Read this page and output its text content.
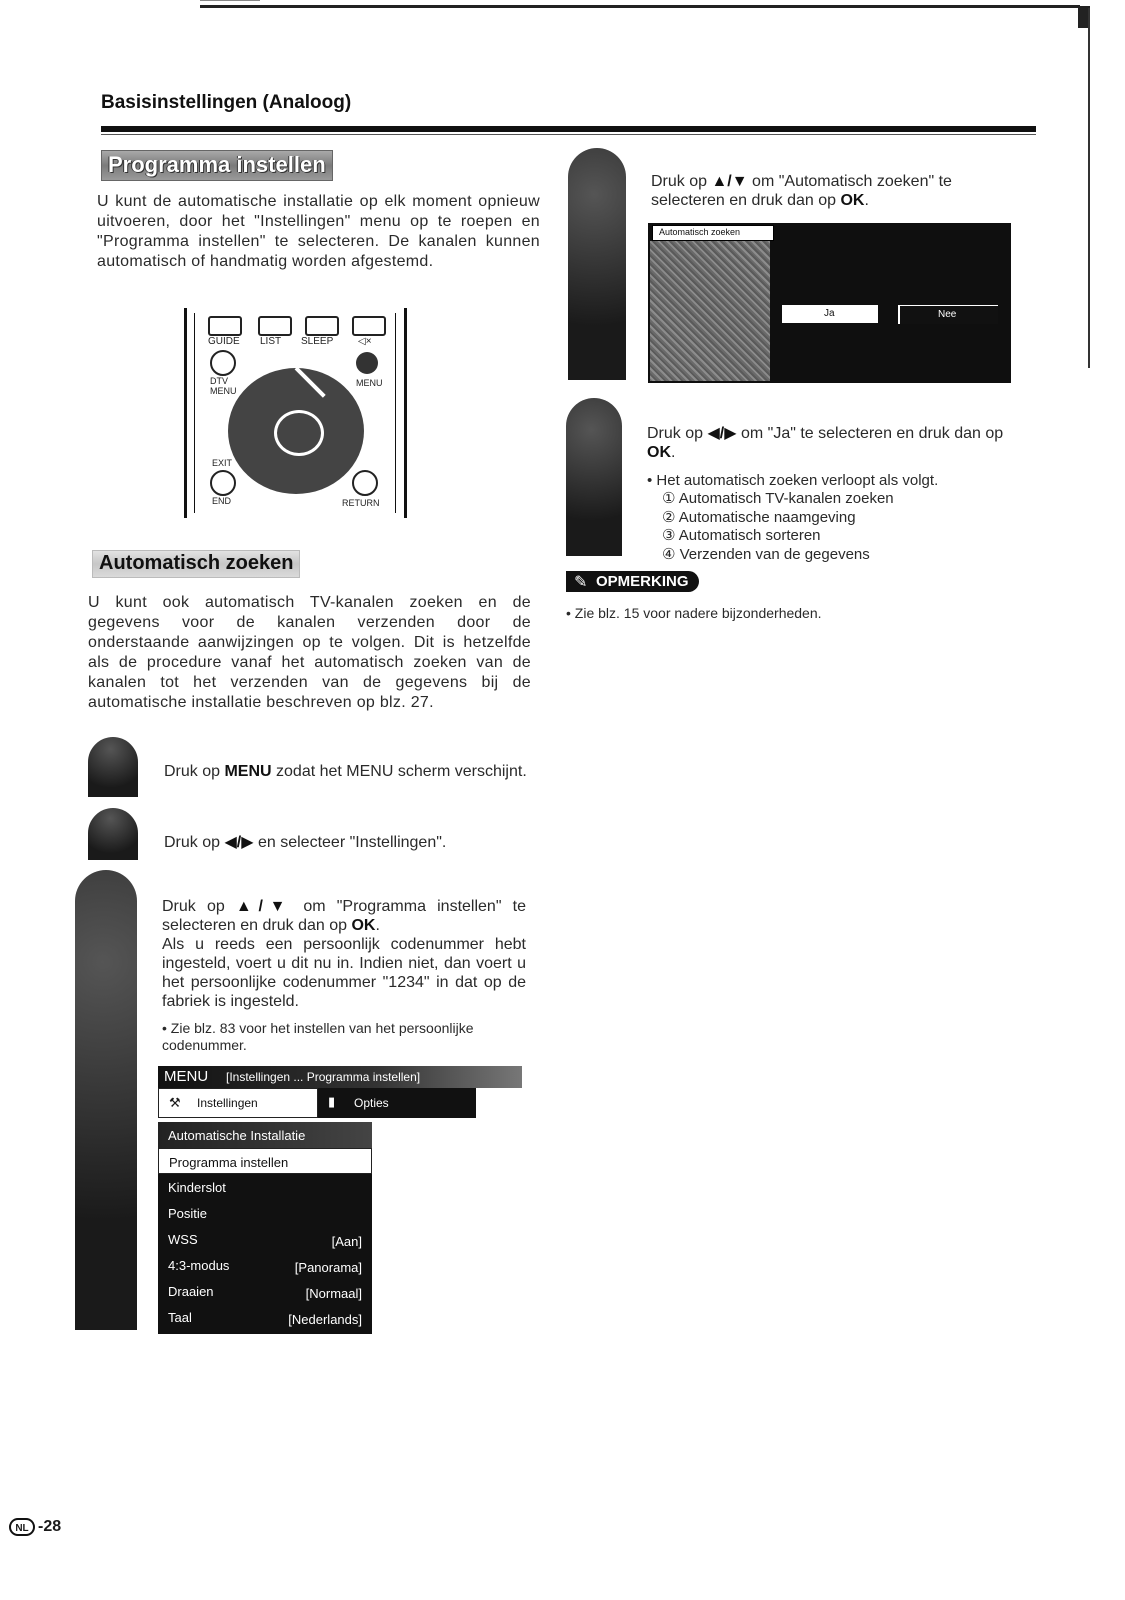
Basisinstellingen (Analoog)
Programma instellen
U kunt de automatische installatie op elk moment opnieuw uitvoeren, door het "Instellingen" menu op te roepen en "Programma instellen" te selecteren. De kanalen kunnen automatisch of handmatig worden afgestemd.
GUIDE LIST SLEEP ◁×
DTV
MENU
MENU
EXIT
END	RETURN
Automatisch zoeken
U kunt ook automatisch TV-kanalen zoeken en de gegevens voor de kanalen verzenden door de onderstaande aanwijzingen op te volgen. Dit is hetzelfde als de procedure vanaf het automatisch zoeken van de kanalen tot het verzenden van de gegevens bij de automatische installatie beschreven op blz. 27.
Druk op MENU zodat het MENU scherm verschijnt.
Druk op ◀/▶ en selecteer "Instellingen".
Druk op ▲/▼ om "Programma instellen" te selecteren en druk dan op OK.
Als u reeds een persoonlijk codenummer hebt ingesteld, voert u dit nu in. Indien niet, dan voert u het persoonlijke codenummer "1234" in dat op de fabriek is ingesteld.
• Zie blz. 83 voor het instellen van het persoonlijke codenummer.
MENU [Instellingen ... Programma instellen]
⚒ Instellingen	▮ Opties
Automatische Installatie
Programma instellen
Kinderslot
Positie
WSS	[Aan]
4:3-modus	[Panorama]
Draaien	[Normaal]
Taal	[Nederlands]
Druk op ▲/▼ om "Automatisch zoeken" te selecteren en druk dan op OK.
Automatisch zoeken
Ja	Nee
Druk op ◀/▶ om "Ja" te selecteren en druk dan op OK.
• Het automatisch zoeken verloopt als volgt.
① Automatisch TV-kanalen zoeken
② Automatische naamgeving
③ Automatisch sorteren
④ Verzenden van de gegevens
✎ OPMERKING
• Zie blz. 15 voor nadere bijzonderheden.
NL -28
